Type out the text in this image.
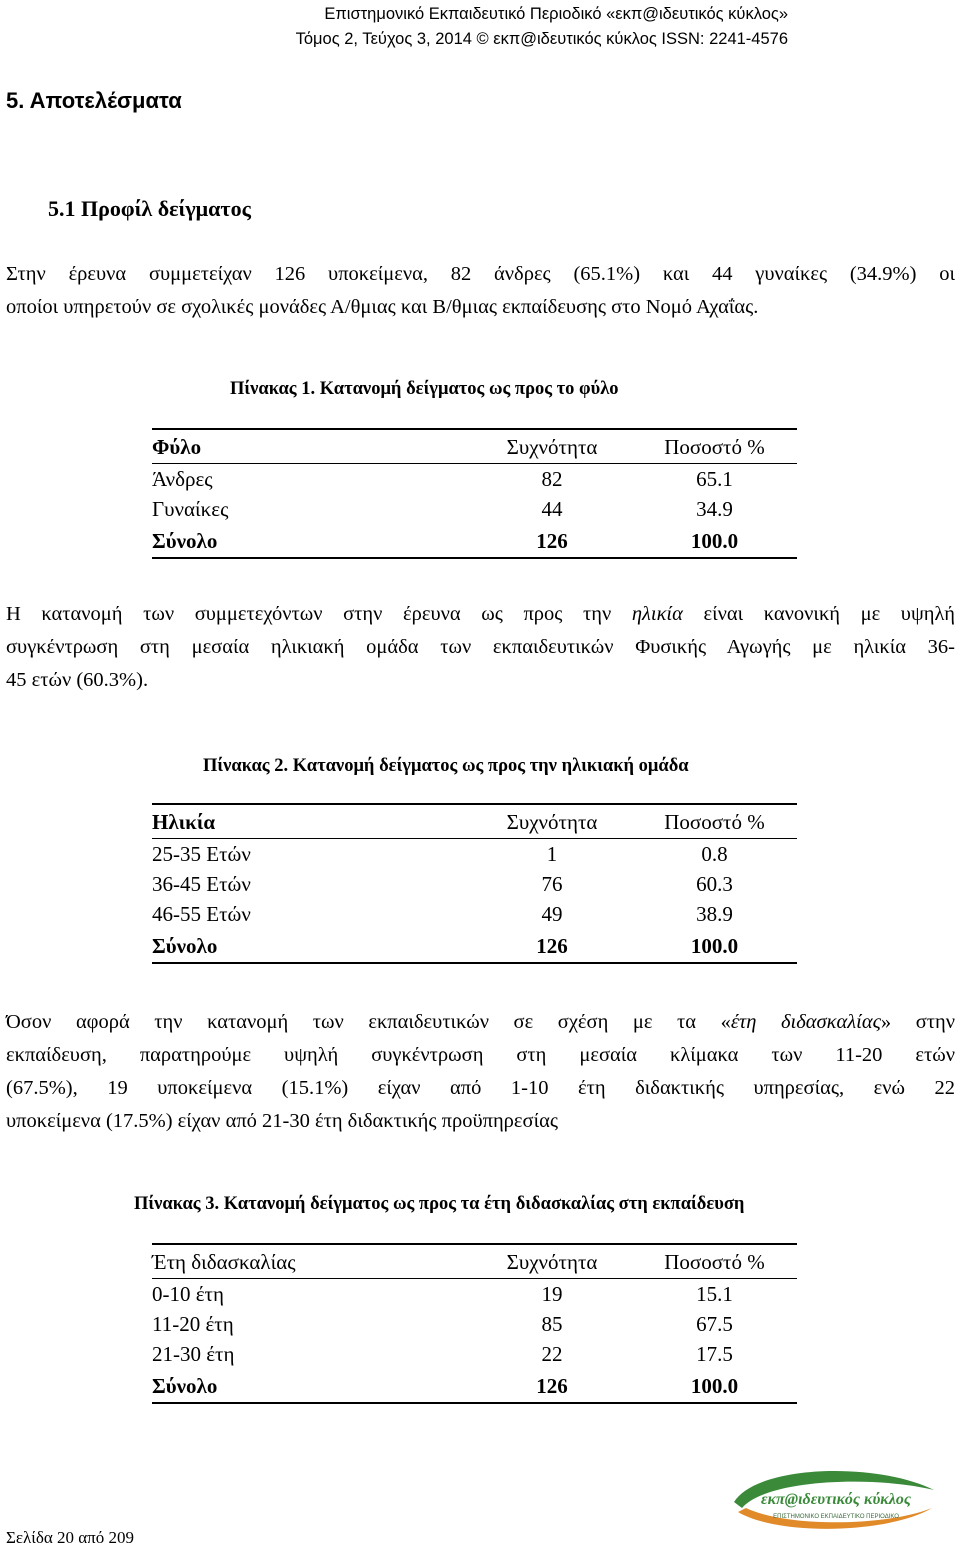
Επιστημονικό Εκπαιδευτικό Περιοδικό «εκπ@ιδευτικός κύκλος»
Τόμος 2, Τεύχος 3, 2014 © εκπ@ιδευτικός κύκλος ISSN: 2241-4576
5. Αποτελέσματα
5.1 Προφίλ δείγματος

Στην έρευνα συμμετείχαν 126 υποκείμενα, 82 άνδρες (65.1%) και 44 γυναίκες (34.9%) οι
οποίοι υπηρετούν σε σχολικές μονάδες Α/θμιας και Β/θμιας εκπαίδευσης στο Νομό Αχαΐας.

Πίνακας 1. Κατανομή δείγματος ως προς το φύλο
Φύλο	Συχνότητα	Ποσοστό %
Άνδρες	82	65.1
Γυναίκες	44	34.9
Σύνολο	126	100.0

Η κατανομή των συμμετεχόντων στην έρευνα ως προς την ηλικία είναι κανονική με υψηλή
συγκέντρωση στη μεσαία ηλικιακή ομάδα των εκπαιδευτικών Φυσικής Αγωγής με ηλικία 36-
45 ετών (60.3%).

Πίνακας 2. Κατανομή δείγματος ως προς την ηλικιακή ομάδα
Ηλικία	Συχνότητα	Ποσοστό %
25-35 Ετών	1	0.8
36-45 Ετών	76	60.3
46-55 Ετών	49	38.9
Σύνολο	126	100.0

Όσον αφορά την κατανομή των εκπαιδευτικών σε σχέση με τα «έτη διδασκαλίας» στην
εκπαίδευση, παρατηρούμε υψηλή συγκέντρωση στη μεσαία κλίμακα των 11-20 ετών
(67.5%), 19 υποκείμενα (15.1%) είχαν από 1-10 έτη διδακτικής υπηρεσίας, ενώ 22
υποκείμενα (17.5%) είχαν από 21-30 έτη διδακτικής προϋπηρεσίας

Πίνακας 3. Κατανομή δείγματος ως προς τα έτη διδασκαλίας στη εκπαίδευση
Έτη διδασκαλίας	Συχνότητα	Ποσοστό %
0-10 έτη	19	15.1
11-20 έτη	85	67.5
21-30 έτη	22	17.5
Σύνολο	126	100.0
Σελίδα 20 από 209
εκπ@ιδευτικός κύκλος
ΕΠΙΣΤΗΜΟΝΙΚΟ ΕΚΠΑΙΔΕΥΤΙΚΟ ΠΕΡΙΟΔΙΚΟ
